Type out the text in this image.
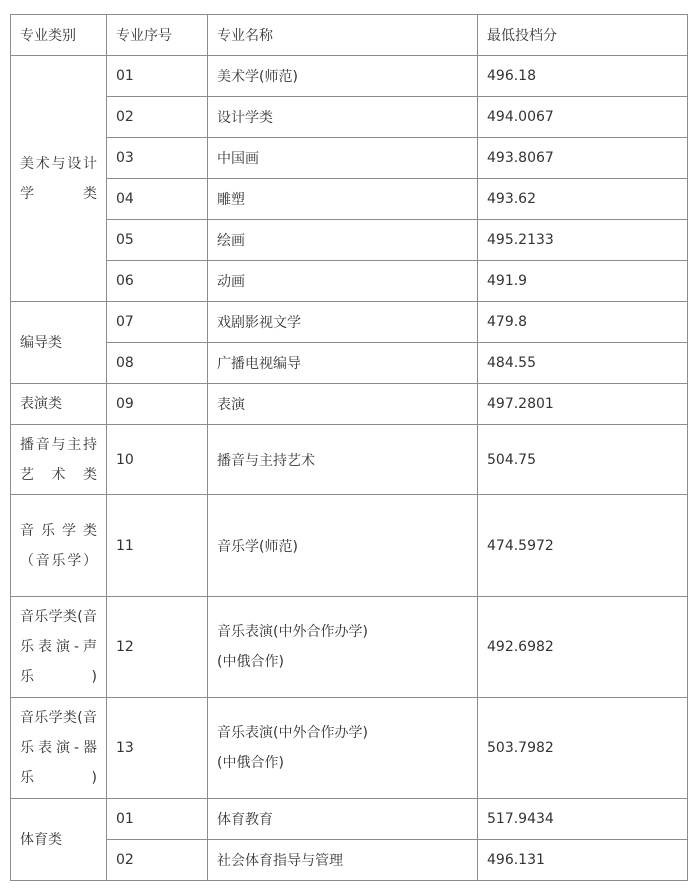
专业类别	专业序号	专业名称	最低投档分

美术与设计学类	01	美术学(师范)	496.18
	02	设计学类	494.0067
	03	中国画	493.8067
	04	雕塑	493.62
	05	绘画	495.2133
	06	动画	491.9

编导类	07	戏剧影视文学	479.8
	08	广播电视编导	484.55

表演类	09	表演	497.2801

播音与主持艺术类	10	播音与主持艺术	504.75

音乐学类（音乐学）	11	音乐学(师范)	474.5972

音乐学类(音乐表演-声乐)	12	音乐表演(中外合作办学)
(中俄合作)	492.6982

音乐学类(音乐表演-器乐)	13	音乐表演(中外合作办学)
(中俄合作)	503.7982

体育类	01	体育教育	517.9434
	02	社会体育指导与管理	496.131
